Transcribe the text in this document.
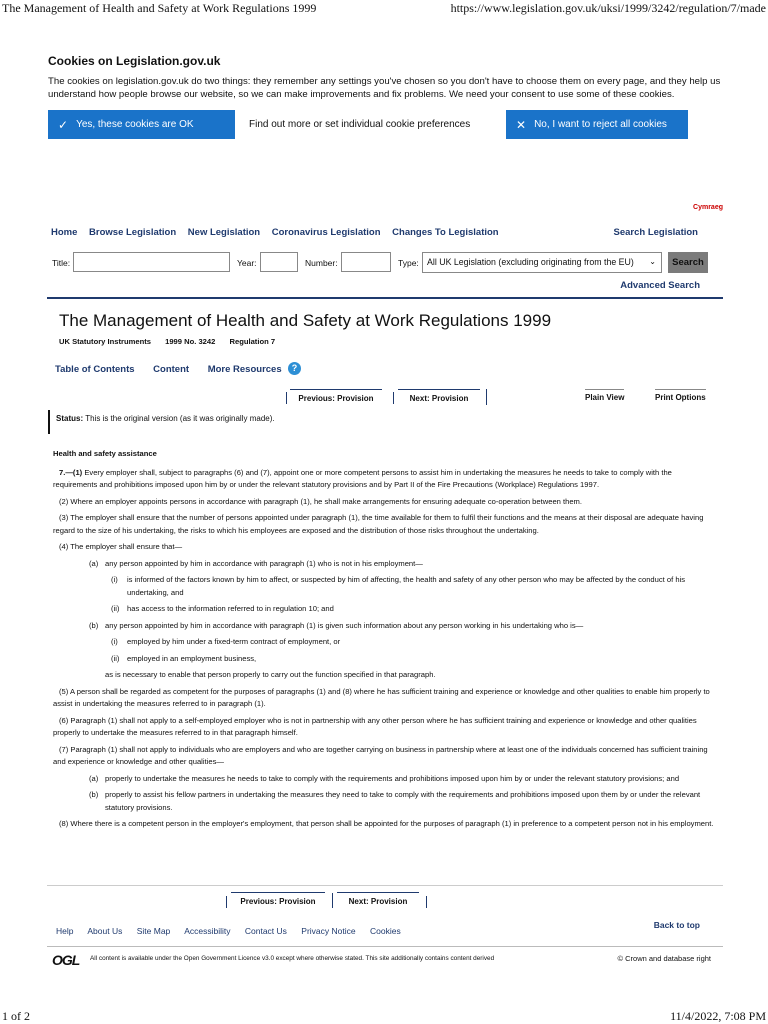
The Management of Health and Safety at Work Regulations 1999	https://www.legislation.gov.uk/uksi/1999/3242/regulation/7/made
Cookies on Legislation.gov.uk

The cookies on legislation.gov.uk do two things: they remember any settings you've chosen so you don't have to choose them on every page, and they help us understand how people browse our website, so we can make improvements and fix problems. We need your consent to use some of these cookies.

✓ Yes, these cookies are OK	Find out more or set individual cookie preferences	✕ No, I want to reject all cookies
Cymraeg
Home Browse Legislation New Legislation Coronavirus Legislation Changes To Legislation	Search Legislation
Title:	Year:	Number:	Type: All UK Legislation (excluding originating from the EU) ⌄	Search
Advanced Search
The Management of Health and Safety at Work Regulations 1999
UK Statutory Instruments 1999 No. 3242 Regulation 7
Table of Contents Content More Resources	?
Previous: Provision	Next: Provision	Plain View	Print Options
Status: This is the original version (as it was originally made).

Health and safety assistance

7.—(1) Every employer shall, subject to paragraphs (6) and (7), appoint one or more competent persons to assist him in undertaking the measures he needs to take to comply with the requirements and prohibitions imposed upon him by or under the relevant statutory provisions and by Part II of the Fire Precautions (Workplace) Regulations 1997.

(2) Where an employer appoints persons in accordance with paragraph (1), he shall make arrangements for ensuring adequate co-operation between them.

(3) The employer shall ensure that the number of persons appointed under paragraph (1), the time available for them to fulfil their functions and the means at their disposal are adequate having regard to the size of his undertaking, the risks to which his employees are exposed and the distribution of those risks throughout the undertaking.

(4) The employer shall ensure that—

(a) any person appointed by him in accordance with paragraph (1) who is not in his employment—
(i) is informed of the factors known by him to affect, or suspected by him of affecting, the health and safety of any other person who may be affected by the conduct of his undertaking, and
(ii) has access to the information referred to in regulation 10; and
(b) any person appointed by him in accordance with paragraph (1) is given such information about any person working in his undertaking who is—
(i) employed by him under a fixed-term contract of employment, or
(ii) employed in an employment business,

as is necessary to enable that person properly to carry out the function specified in that paragraph.

(5) A person shall be regarded as competent for the purposes of paragraphs (1) and (8) where he has sufficient training and experience or knowledge and other qualities to enable him properly to assist in undertaking the measures referred to in paragraph (1).

(6) Paragraph (1) shall not apply to a self-employed employer who is not in partnership with any other person where he has sufficient training and experience or knowledge and other qualities properly to undertake the measures referred to in that paragraph himself.

(7) Paragraph (1) shall not apply to individuals who are employers and who are together carrying on business in partnership where at least one of the individuals concerned has sufficient training and experience or knowledge and other qualities—

(a) properly to undertake the measures he needs to take to comply with the requirements and prohibitions imposed upon him by or under the relevant statutory provisions; and
(b) properly to assist his fellow partners in undertaking the measures they need to take to comply with the requirements and prohibitions imposed upon them by or under the relevant statutory provisions.

(8) Where there is a competent person in the employer's employment, that person shall be appointed for the purposes of paragraph (1) in preference to a competent person not in his employment.

Previous: Provision	Next: Provision
Help About Us Site Map Accessibility Contact Us Privacy Notice Cookies
Back to top
OGL All content is available under the Open Government Licence v3.0 except where otherwise stated. This site additionally contains content derived	© Crown and database right
1 of 2	11/4/2022, 7:08 PM
